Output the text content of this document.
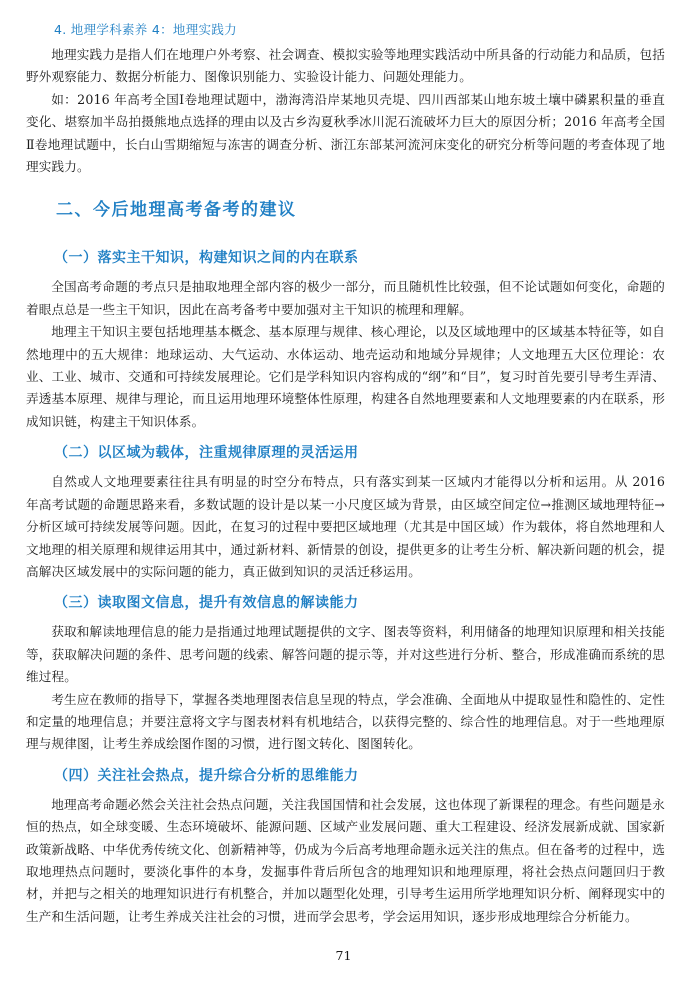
4. 地理学科素养 4：地理实践力

地理实践力是指人们在地理户外考察、社会调查、模拟实验等地理实践活动中所具备的行动能力和品质，包括野外观察能力、数据分析能力、图像识别能力、实验设计能力、问题处理能力。

如：2016 年高考全国Ⅰ卷地理试题中，渤海湾沿岸某地贝壳堤、四川西部某山地东坡土壤中磷累积量的垂直变化、堪察加半岛拍摄熊地点选择的理由以及古乡沟夏秋季冰川泥石流破坏力巨大的原因分析；2016 年高考全国Ⅱ卷地理试题中，长白山雪期缩短与冻害的调查分析、浙江东部某河流河床变化的研究分析等问题的考查体现了地理实践力。

二、今后地理高考备考的建议
（一）落实主干知识，构建知识之间的内在联系

全国高考命题的考点只是抽取地理全部内容的极少一部分，而且随机性比较强，但不论试题如何变化，命题的着眼点总是一些主干知识，因此在高考备考中要加强对主干知识的梳理和理解。

地理主干知识主要包括地理基本概念、基本原理与规律、核心理论，以及区域地理中的区域基本特征等，如自然地理中的五大规律：地球运动、大气运动、水体运动、地壳运动和地域分异规律；人文地理五大区位理论：农业、工业、城市、交通和可持续发展理论。它们是学科知识内容构成的“纲”和“目”，复习时首先要引导考生弄清、弄透基本原理、规律与理论，而且运用地理环境整体性原理，构建各自然地理要素和人文地理要素的内在联系，形成知识链，构建主干知识体系。

（二）以区域为载体，注重规律原理的灵活运用

自然或人文地理要素往往具有明显的时空分布特点，只有落实到某一区域内才能得以分析和运用。从 2016 年高考试题的命题思路来看，多数试题的设计是以某一小尺度区域为背景，由区域空间定位→推测区域地理特征→分析区域可持续发展等问题。因此，在复习的过程中要把区域地理（尤其是中国区域）作为载体，将自然地理和人文地理的相关原理和规律运用其中，通过新材料、新情景的创设，提供更多的让考生分析、解决新问题的机会，提高解决区域发展中的实际问题的能力，真正做到知识的灵活迁移运用。

（三）读取图文信息，提升有效信息的解读能力

获取和解读地理信息的能力是指通过地理试题提供的文字、图表等资料，利用储备的地理知识原理和相关技能等，获取解决问题的条件、思考问题的线索、解答问题的提示等，并对这些进行分析、整合，形成准确而系统的思维过程。

考生应在教师的指导下，掌握各类地理图表信息呈现的特点，学会准确、全面地从中提取显性和隐性的、定性和定量的地理信息；并要注意将文字与图表材料有机地结合，以获得完整的、综合性的地理信息。对于一些地理原理与规律图，让考生养成绘图作图的习惯，进行图文转化、图图转化。

（四）关注社会热点，提升综合分析的思维能力

地理高考命题必然会关注社会热点问题，关注我国国情和社会发展，这也体现了新课程的理念。有些问题是永恒的热点，如全球变暖、生态环境破坏、能源问题、区域产业发展问题、重大工程建设、经济发展新成就、国家新政策新战略、中华优秀传统文化、创新精神等，仍成为今后高考地理命题永远关注的焦点。但在备考的过程中，选取地理热点问题时，要淡化事件的本身，发掘事件背后所包含的地理知识和地理原理，将社会热点问题回归于教材，并把与之相关的地理知识进行有机整合，并加以题型化处理，引导考生运用所学地理知识分析、阐释现实中的生产和生活问题，让考生养成关注社会的习惯，进而学会思考，学会运用知识，逐步形成地理综合分析能力。

71
